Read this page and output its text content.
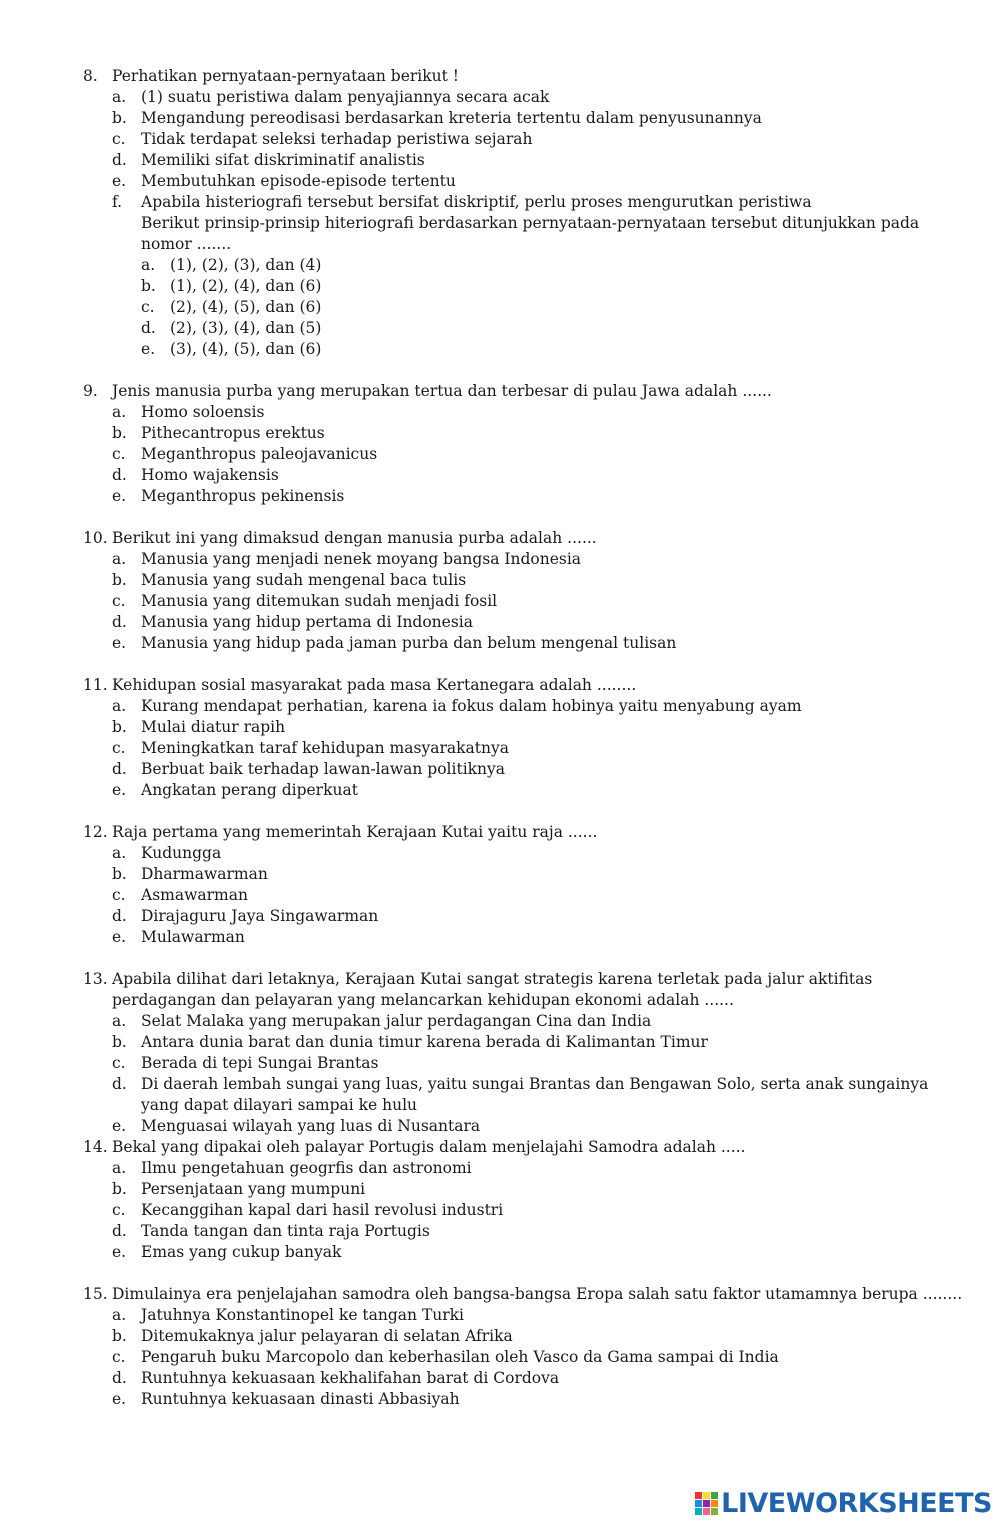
8. Perhatikan pernyataan-pernyataan berikut !
a. (1) suatu peristiwa dalam penyajiannya secara acak
b. Mengandung pereodisasi berdasarkan kreteria tertentu dalam penyusunannya
c. Tidak terdapat seleksi terhadap peristiwa sejarah
d. Memiliki sifat diskriminatif analistis
e. Membutuhkan episode-episode tertentu
f.	Apabila histeriografi tersebut bersifat diskriptif, perlu proses mengurutkan peristiwa
Berikut prinsip-prinsip hiteriografi berdasarkan pernyataan-pernyataan tersebut ditunjukkan pada nomor .......
a. (1), (2), (3), dan (4)
b. (1), (2), (4), dan (6)
c. (2), (4), (5), dan (6)
d. (2), (3), (4), dan (5)
e. (3), (4), (5), dan (6)
9. Jenis manusia purba yang merupakan tertua dan terbesar di pulau Jawa adalah ......
a. Homo soloensis
b. Pithecantropus erektus
c. Meganthropus paleojavanicus
d. Homo wajakensis
e. Meganthropus pekinensis
10. Berikut ini yang dimaksud dengan manusia purba adalah ......
a. Manusia yang menjadi nenek moyang bangsa Indonesia
b. Manusia yang sudah mengenal baca tulis
c. Manusia yang ditemukan sudah menjadi fosil
d. Manusia yang hidup pertama di Indonesia
e. Manusia yang hidup pada jaman purba dan belum mengenal tulisan
11. Kehidupan sosial masyarakat pada masa Kertanegara adalah ........
a. Kurang mendapat perhatian, karena ia fokus dalam hobinya yaitu menyabung ayam
b. Mulai diatur rapih
c. Meningkatkan taraf kehidupan masyarakatnya
d. Berbuat baik terhadap lawan-lawan politiknya
e. Angkatan perang diperkuat
12. Raja pertama yang memerintah Kerajaan Kutai yaitu raja ......
a. Kudungga
b. Dharmawarman
c. Asmawarman
d. Dirajaguru Jaya Singawarman
e. Mulawarman
13. Apabila dilihat dari letaknya, Kerajaan Kutai sangat strategis karena terletak pada jalur aktifitas perdagangan dan pelayaran yang melancarkan kehidupan ekonomi adalah ......
a. Selat Malaka yang merupakan jalur perdagangan Cina dan India
b. Antara dunia barat dan dunia timur karena berada di Kalimantan Timur
c. Berada di tepi Sungai Brantas
d. Di daerah lembah sungai yang luas, yaitu sungai Brantas dan Bengawan Solo, serta anak sungainya yang dapat dilayari sampai ke hulu
e. Menguasai wilayah yang luas di Nusantara
14. Bekal yang dipakai oleh palayar Portugis dalam menjelajahi Samodra adalah .....
a. Ilmu pengetahuan geogrfis dan astronomi
b. Persenjataan yang mumpuni
c. Kecanggihan kapal dari hasil revolusi industri
d. Tanda tangan dan tinta raja Portugis
e. Emas yang cukup banyak
15. Dimulainya era penjelajahan samodra oleh bangsa-bangsa Eropa salah satu faktor utamamnya berupa ........
a. Jatuhnya Konstantinopel ke tangan Turki
b. Ditemukaknya jalur pelayaran di selatan Afrika
c. Pengaruh buku Marcopolo dan keberhasilan oleh Vasco da Gama sampai di India
d. Runtuhnya kekuasaan kekhalifahan barat di Cordova
e. Runtuhnya kekuasaan dinasti Abbasiyah
LIVEWORKSHEETS
